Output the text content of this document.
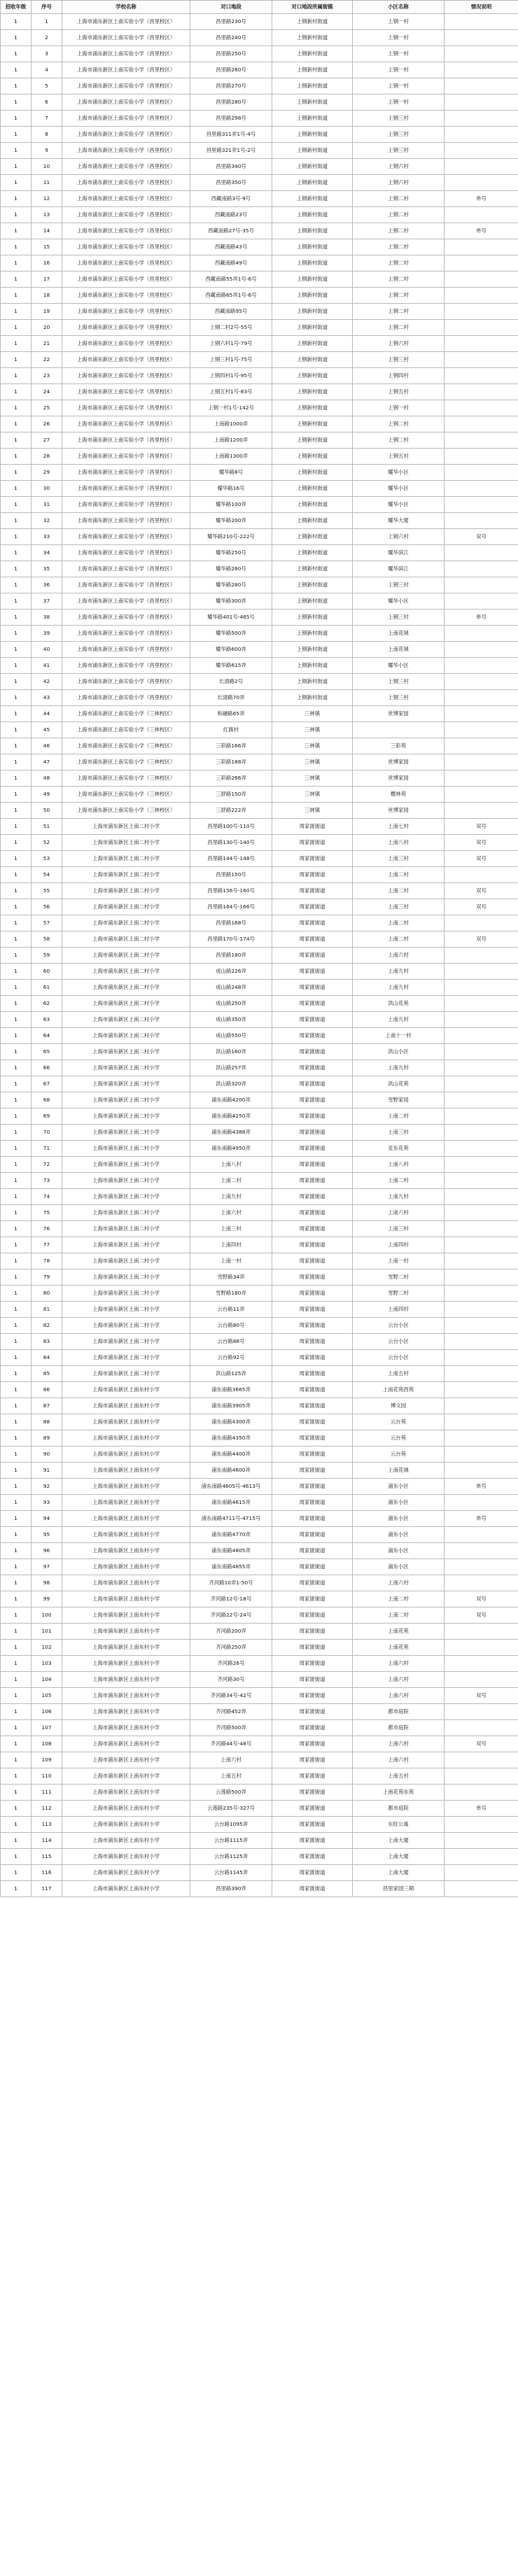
招收年级	序号	学校名称	对口地段	对口地段所属街镇	小区名称	情况说明
1	1	上海市浦东新区上南实验小学（昌里校区）	昌里路230号	上钢新村街道	上钢一村	
1	2	上海市浦东新区上南实验小学（昌里校区）	昌里路240号	上钢新村街道	上钢一村	
1	3	上海市浦东新区上南实验小学（昌里校区）	昌里路250号	上钢新村街道	上钢一村	
1	4	上海市浦东新区上南实验小学（昌里校区）	昌里路260号	上钢新村街道	上钢一村	
1	5	上海市浦东新区上南实验小学（昌里校区）	昌里路270号	上钢新村街道	上钢一村	
1	6	上海市浦东新区上南实验小学（昌里校区）	昌里路280号	上钢新村街道	上钢一村	
1	7	上海市浦东新区上南实验小学（昌里校区）	昌里路298号	上钢新村街道	上钢三村	
1	8	上海市浦东新区上南实验小学（昌里校区）	昌里路311弄1号-4号	上钢新村街道	上钢三村	
1	9	上海市浦东新区上南实验小学（昌里校区）	昌里路321弄1号-2号	上钢新村街道	上钢三村	
1	10	上海市浦东新区上南实验小学（昌里校区）	昌里路340号	上钢新村街道	上钢六村	
1	11	上海市浦东新区上南实验小学（昌里校区）	昌里路350号	上钢新村街道	上钢六村	
1	12	上海市浦东新区上南实验小学（昌里校区）	西藏南路3号-9号	上钢新村街道	上钢二村	单号
1	13	上海市浦东新区上南实验小学（昌里校区）	西藏南路23号	上钢新村街道	上钢二村	
1	14	上海市浦东新区上南实验小学（昌里校区）	西藏南路27号-35号	上钢新村街道	上钢二村	单号
1	15	上海市浦东新区上南实验小学（昌里校区）	西藏南路43号	上钢新村街道	上钢二村	
1	16	上海市浦东新区上南实验小学（昌里校区）	西藏南路49号	上钢新村街道	上钢二村	
1	17	上海市浦东新区上南实验小学（昌里校区）	西藏南路55弄1号-6号	上钢新村街道	上钢二村	
1	18	上海市浦东新区上南实验小学（昌里校区）	西藏南路65弄1号-6号	上钢新村街道	上钢二村	
1	19	上海市浦东新区上南实验小学（昌里校区）	西藏南路95号	上钢新村街道	上钢二村	
1	20	上海市浦东新区上南实验小学（昌里校区）	上钢二村2号-55号	上钢新村街道	上钢二村	
1	21	上海市浦东新区上南实验小学（昌里校区）	上钢六村1号-79号	上钢新村街道	上钢六村	
1	22	上海市浦东新区上南实验小学（昌里校区）	上钢三村1号-75号	上钢新村街道	上钢三村	
1	23	上海市浦东新区上南实验小学（昌里校区）	上钢四村1号-95号	上钢新村街道	上钢四村	
1	24	上海市浦东新区上南实验小学（昌里校区）	上钢五村1号-83号	上钢新村街道	上钢五村	
1	25	上海市浦东新区上南实验小学（昌里校区）	上钢一村1号-142号	上钢新村街道	上钢一村	
1	26	上海市浦东新区上南实验小学（昌里校区）	上南路1000弄	上钢新村街道	上钢二村	
1	27	上海市浦东新区上南实验小学（昌里校区）	上南路1200弄	上钢新村街道	上钢二村	
1	28	上海市浦东新区上南实验小学（昌里校区）	上南路1300弄	上钢新村街道	上钢五村	
1	29	上海市浦东新区上南实验小学（昌里校区）	耀华路8号	上钢新村街道	耀华小区	
1	30	上海市浦东新区上南实验小学（昌里校区）	耀华路16号	上钢新村街道	耀华小区	
1	31	上海市浦东新区上南实验小学（昌里校区）	耀华路100弄	上钢新村街道	耀华小区	
1	32	上海市浦东新区上南实验小学（昌里校区）	耀华路200弄	上钢新村街道	耀华大厦	
1	33	上海市浦东新区上南实验小学（昌里校区）	耀华路210号-222号	上钢新村街道	上钢六村	双号
1	34	上海市浦东新区上南实验小学（昌里校区）	耀华路250号	上钢新村街道	耀华滨江	
1	35	上海市浦东新区上南实验小学（昌里校区）	耀华路260号	上钢新村街道	耀华滨江	
1	36	上海市浦东新区上南实验小学（昌里校区）	耀华路280号	上钢新村街道	上钢三村	
1	37	上海市浦东新区上南实验小学（昌里校区）	耀华路300弄	上钢新村街道	耀华小区	
1	38	上海市浦东新区上南实验小学（昌里校区）	耀华路401号-465号	上钢新村街道	上钢三村	单号
1	39	上海市浦东新区上南实验小学（昌里校区）	耀华路500弄	上钢新村街道	上南花城	
1	40	上海市浦东新区上南实验小学（昌里校区）	耀华路600弄	上钢新村街道	上南花城	
1	41	上海市浦东新区上南实验小学（昌里校区）	耀华路615弄	上钢新村街道	耀华小区	
1	42	上海市浦东新区上南实验小学（昌里校区）	长清路2号	上钢新村街道	上钢三村	
1	43	上海市浦东新区上南实验小学（昌里校区）	长清路70弄	上钢新村街道	上钢三村	
1	44	上海市浦东新区上南实验小学（三林校区）	和融路65弄	三林镇	世博家园	
1	45	上海市浦东新区上南实验小学（三林校区）	红旗村	三林镇		
1	46	上海市浦东新区上南实验小学（三林校区）	三彩路166弄	三林镇	三彩苑	
1	47	上海市浦东新区上南实验小学（三林校区）	三彩路188弄	三林镇	世博家园	
1	48	上海市浦东新区上南实验小学（三林校区）	三彩路266弄	三林镇	世博家园	
1	49	上海市浦东新区上南实验小学（三林校区）	三舒路150弄	三林镇	樱林苑	
1	50	上海市浦东新区上南实验小学（三林校区）	三舒路222弄	三林镇	世博家园	
1	51	上海市浦东新区上南二村小学	昌里路100号-110号	周家渡街道	上南七村	双号
1	52	上海市浦东新区上南二村小学	昌里路130号-140号	周家渡街道	上南八村	双号
1	53	上海市浦东新区上南二村小学	昌里路144号-148号	周家渡街道	上南三村	双号
1	54	上海市浦东新区上南二村小学	昌里路150号	周家渡街道	上南二村	
1	55	上海市浦东新区上南二村小学	昌里路156号-160号	周家渡街道	上南二村	双号
1	56	上海市浦东新区上南二村小学	昌里路164号-166号	周家渡街道	上南三村	双号
1	57	上海市浦东新区上南二村小学	昌里路168号	周家渡街道	上南二村	
1	58	上海市浦东新区上南二村小学	昌里路170号-174号	周家渡街道	上南二村	双号
1	59	上海市浦东新区上南二村小学	昌里路180弄	周家渡街道	上南六村	
1	60	上海市浦东新区上南二村小学	成山路226弄	周家渡街道	上南九村	
1	61	上海市浦东新区上南二村小学	成山路248弄	周家渡街道	上南九村	
1	62	上海市浦东新区上南二村小学	成山路250弄	周家渡街道	洪山花苑	
1	63	上海市浦东新区上南二村小学	成山路350弄	周家渡街道	上南九村	
1	64	上海市浦东新区上南二村小学	成山路550号	周家渡街道	上南十一村	
1	65	上海市浦东新区上南二村小学	洪山路160弄	周家渡街道	洪山小区	
1	66	上海市浦东新区上南二村小学	洪山路257弄	周家渡街道	上南九村	
1	67	上海市浦东新区上南二村小学	洪山路320弄	周家渡街道	洪山花苑	
1	68	上海市浦东新区上南二村小学	浦东南路4200弄	周家渡街道	雪野家园	
1	69	上海市浦东新区上南二村小学	浦东南路4250弄	周家渡街道	上南二村	
1	70	上海市浦东新区上南二村小学	浦东南路4388弄	周家渡街道	上南三村	
1	71	上海市浦东新区上南二村小学	浦东南路4950弄	周家渡街道	克东花苑	
1	72	上海市浦东新区上南二村小学	上南八村	周家渡街道	上南八村	
1	73	上海市浦东新区上南二村小学	上南二村	周家渡街道	上南二村	
1	74	上海市浦东新区上南二村小学	上南九村	周家渡街道	上南九村	
1	75	上海市浦东新区上南二村小学	上南六村	周家渡街道	上南六村	
1	76	上海市浦东新区上南二村小学	上南三村	周家渡街道	上南三村	
1	77	上海市浦东新区上南二村小学	上南四村	周家渡街道	上南四村	
1	78	上海市浦东新区上南二村小学	上南一村	周家渡街道	上南一村	
1	79	上海市浦东新区上南二村小学	雪野路34弄	周家渡街道	雪野二村	
1	80	上海市浦东新区上南二村小学	雪野路180弄	周家渡街道	雪野二村	
1	81	上海市浦东新区上南二村小学	云台路11弄	周家渡街道	上南四村	
1	82	上海市浦东新区上南二村小学	云台路80号	周家渡街道	云台小区	
1	83	上海市浦东新区上南二村小学	云台路88号	周家渡街道	云台小区	
1	84	上海市浦东新区上南二村小学	云台路92号	周家渡街道	云台小区	
1	85	上海市浦东新区上南二村小学	洪山路125弄	周家渡街道	上南五村	
1	86	上海市浦东新区上南东村小学	浦东南路3665弄	周家渡街道	上南花苑西苑	
1	87	上海市浦东新区上南东村小学	浦东南路3905弄	周家渡街道	博文园	
1	88	上海市浦东新区上南东村小学	浦东南路4300弄	周家渡街道	云台苑	
1	89	上海市浦东新区上南东村小学	浦东南路4350弄	周家渡街道	云台苑	
1	90	上海市浦东新区上南东村小学	浦东南路4400弄	周家渡街道	云台苑	
1	91	上海市浦东新区上南东村小学	浦东南路4600弄	周家渡街道	上南花城	
1	92	上海市浦东新区上南东村小学	浦东南路4605号-4613号	周家渡街道	浦东小区	单号
1	93	上海市浦东新区上南东村小学	浦东南路4615弄	周家渡街道	浦东小区	
1	94	上海市浦东新区上南东村小学	浦东南路4711号-4715号	周家渡街道	浦东小区	单号
1	95	上海市浦东新区上南东村小学	浦东南路4770弄	周家渡街道	浦东小区	
1	96	上海市浦东新区上南东村小学	浦东南路4805弄	周家渡街道	浦东小区	
1	97	上海市浦东新区上南东村小学	浦东南路4855弄	周家渡街道	浦东小区	
1	98	上海市浦东新区上南东村小学	齐河路10弄1-50号	周家渡街道	上南六村	
1	99	上海市浦东新区上南东村小学	齐河路12号-18号	周家渡街道	上南二村	双号
1	100	上海市浦东新区上南东村小学	齐河路22号-24号	周家渡街道	上南二村	双号
1	101	上海市浦东新区上南东村小学	齐河路200弄	周家渡街道	上南花苑	
1	102	上海市浦东新区上南东村小学	齐河路250弄	周家渡街道	上南花苑	
1	103	上海市浦东新区上南东村小学	齐河路26号	周家渡街道	上南六村	
1	104	上海市浦东新区上南东村小学	齐河路30号	周家渡街道	上南六村	
1	105	上海市浦东新区上南东村小学	齐河路34号-42号	周家渡街道	上南六村	双号
1	106	上海市浦东新区上南东村小学	齐河路452弄	周家渡街道	都市庭院	
1	107	上海市浦东新区上南东村小学	齐河路500弄	周家渡街道	都市庭院	
1	108	上海市浦东新区上南东村小学	齐河路44号-48号	周家渡街道	上南六村	双号
1	109	上海市浦东新区上南东村小学	上南六村	周家渡街道	上南六村	
1	110	上海市浦东新区上南东村小学	上南五村	周家渡街道	上南五村	
1	111	上海市浦东新区上南东村小学	云莲路500弄	周家渡街道	上南花苑东苑	
1	112	上海市浦东新区上南东村小学	云莲路235号-327号	周家渡街道	都市庭院	单号
1	113	上海市浦东新区上南东村小学	云台路1095弄	周家渡街道	东旺公寓	
1	114	上海市浦东新区上南东村小学	云台路1115弄	周家渡街道	上南大厦	
1	115	上海市浦东新区上南东村小学	云台路1125弄	周家渡街道	上南大厦	
1	116	上海市浦东新区上南东村小学	云台路1145弄	周家渡街道	上南大厦	
1	117	上海市浦东新区上南东村小学	昌里路390弄	周家渡街道	昌里家园三期	
